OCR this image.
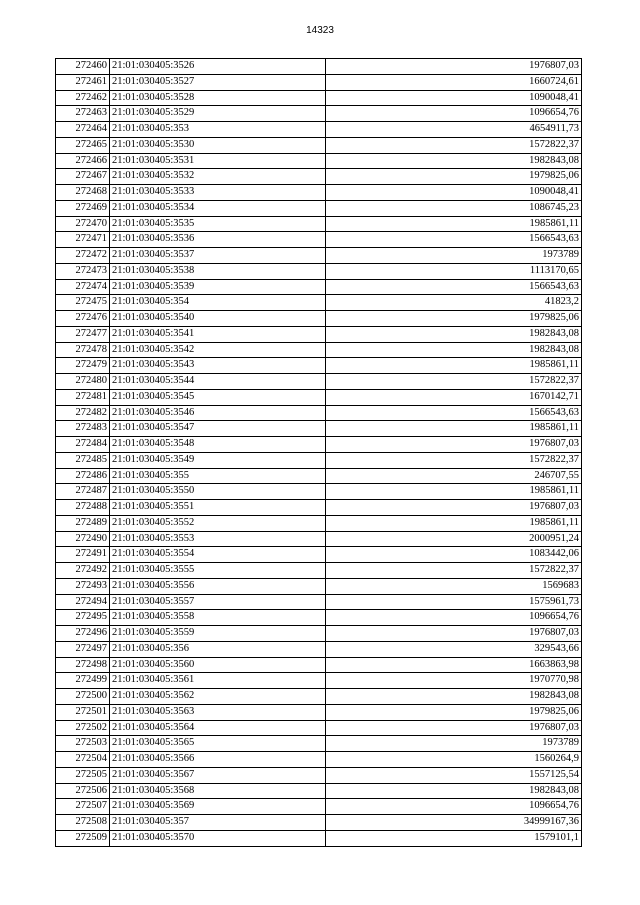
14323
272460	21:01:030405:3526	1976807,03
272461	21:01:030405:3527	1660724,61
272462	21:01:030405:3528	1090048,41
272463	21:01:030405:3529	1096654,76
272464	21:01:030405:353	4654911,73
272465	21:01:030405:3530	1572822,37
272466	21:01:030405:3531	1982843,08
272467	21:01:030405:3532	1979825,06
272468	21:01:030405:3533	1090048,41
272469	21:01:030405:3534	1086745,23
272470	21:01:030405:3535	1985861,11
272471	21:01:030405:3536	1566543,63
272472	21:01:030405:3537	1973789
272473	21:01:030405:3538	1113170,65
272474	21:01:030405:3539	1566543,63
272475	21:01:030405:354	41823,2
272476	21:01:030405:3540	1979825,06
272477	21:01:030405:3541	1982843,08
272478	21:01:030405:3542	1982843,08
272479	21:01:030405:3543	1985861,11
272480	21:01:030405:3544	1572822,37
272481	21:01:030405:3545	1670142,71
272482	21:01:030405:3546	1566543,63
272483	21:01:030405:3547	1985861,11
272484	21:01:030405:3548	1976807,03
272485	21:01:030405:3549	1572822,37
272486	21:01:030405:355	246707,55
272487	21:01:030405:3550	1985861,11
272488	21:01:030405:3551	1976807,03
272489	21:01:030405:3552	1985861,11
272490	21:01:030405:3553	2000951,24
272491	21:01:030405:3554	1083442,06
272492	21:01:030405:3555	1572822,37
272493	21:01:030405:3556	1569683
272494	21:01:030405:3557	1575961,73
272495	21:01:030405:3558	1096654,76
272496	21:01:030405:3559	1976807,03
272497	21:01:030405:356	329543,66
272498	21:01:030405:3560	1663863,98
272499	21:01:030405:3561	1970770,98
272500	21:01:030405:3562	1982843,08
272501	21:01:030405:3563	1979825,06
272502	21:01:030405:3564	1976807,03
272503	21:01:030405:3565	1973789
272504	21:01:030405:3566	1560264,9
272505	21:01:030405:3567	1557125,54
272506	21:01:030405:3568	1982843,08
272507	21:01:030405:3569	1096654,76
272508	21:01:030405:357	34999167,36
272509	21:01:030405:3570	1579101,1
